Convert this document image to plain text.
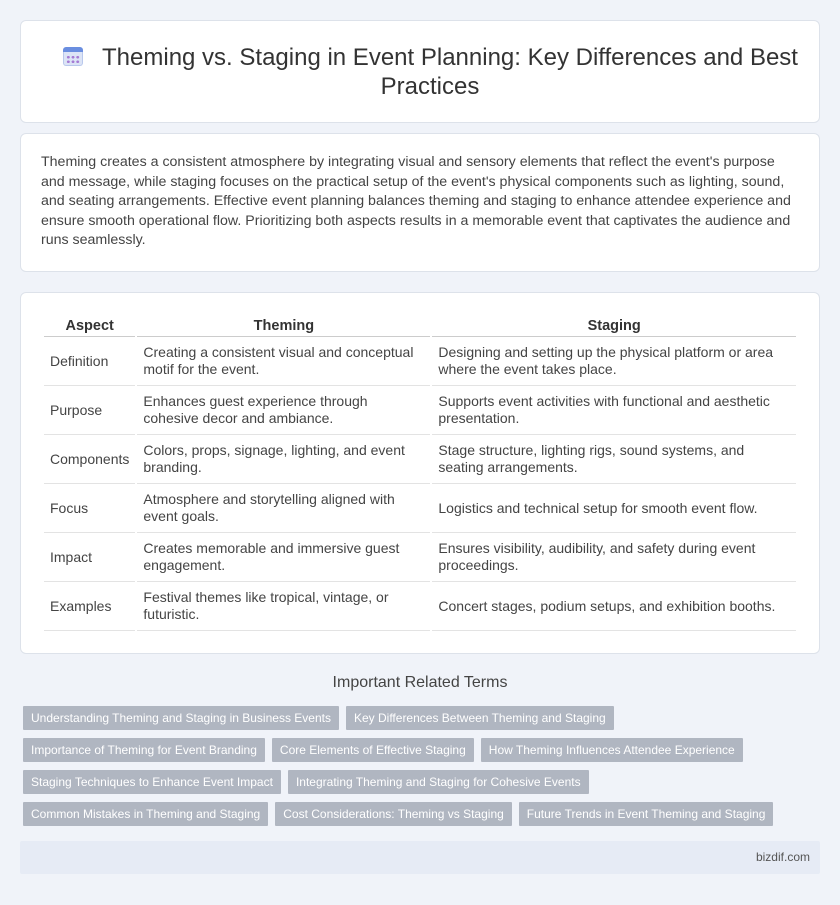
Theming vs. Staging in Event Planning: Key Differences and Best Practices

Theming creates a consistent atmosphere by integrating visual and sensory elements that reflect the event's purpose and message, while staging focuses on the practical setup of the event's physical components such as lighting, sound, and seating arrangements. Effective event planning balances theming and staging to enhance attendee experience and ensure smooth operational flow. Prioritizing both aspects results in a memorable event that captivates the audience and runs seamlessly.

Aspect	Theming	Staging
Definition	Creating a consistent visual and conceptual motif for the event.	Designing and setting up the physical platform or area where the event takes place.
Purpose	Enhances guest experience through cohesive decor and ambiance.	Supports event activities with functional and aesthetic presentation.
Components	Colors, props, signage, lighting, and event branding.	Stage structure, lighting rigs, sound systems, and seating arrangements.
Focus	Atmosphere and storytelling aligned with event goals.	Logistics and technical setup for smooth event flow.
Impact	Creates memorable and immersive guest engagement.	Ensures visibility, audibility, and safety during event proceedings.
Examples	Festival themes like tropical, vintage, or futuristic.	Concert stages, podium setups, and exhibition booths.
Important Related Terms
Understanding Theming and Staging in Business Events	Key Differences Between Theming and Staging
Importance of Theming for Event Branding	Core Elements of Effective Staging	How Theming Influences Attendee Experience
Staging Techniques to Enhance Event Impact	Integrating Theming and Staging for Cohesive Events
Common Mistakes in Theming and Staging	Cost Considerations: Theming vs Staging	Future Trends in Event Theming and Staging
bizdif.com
